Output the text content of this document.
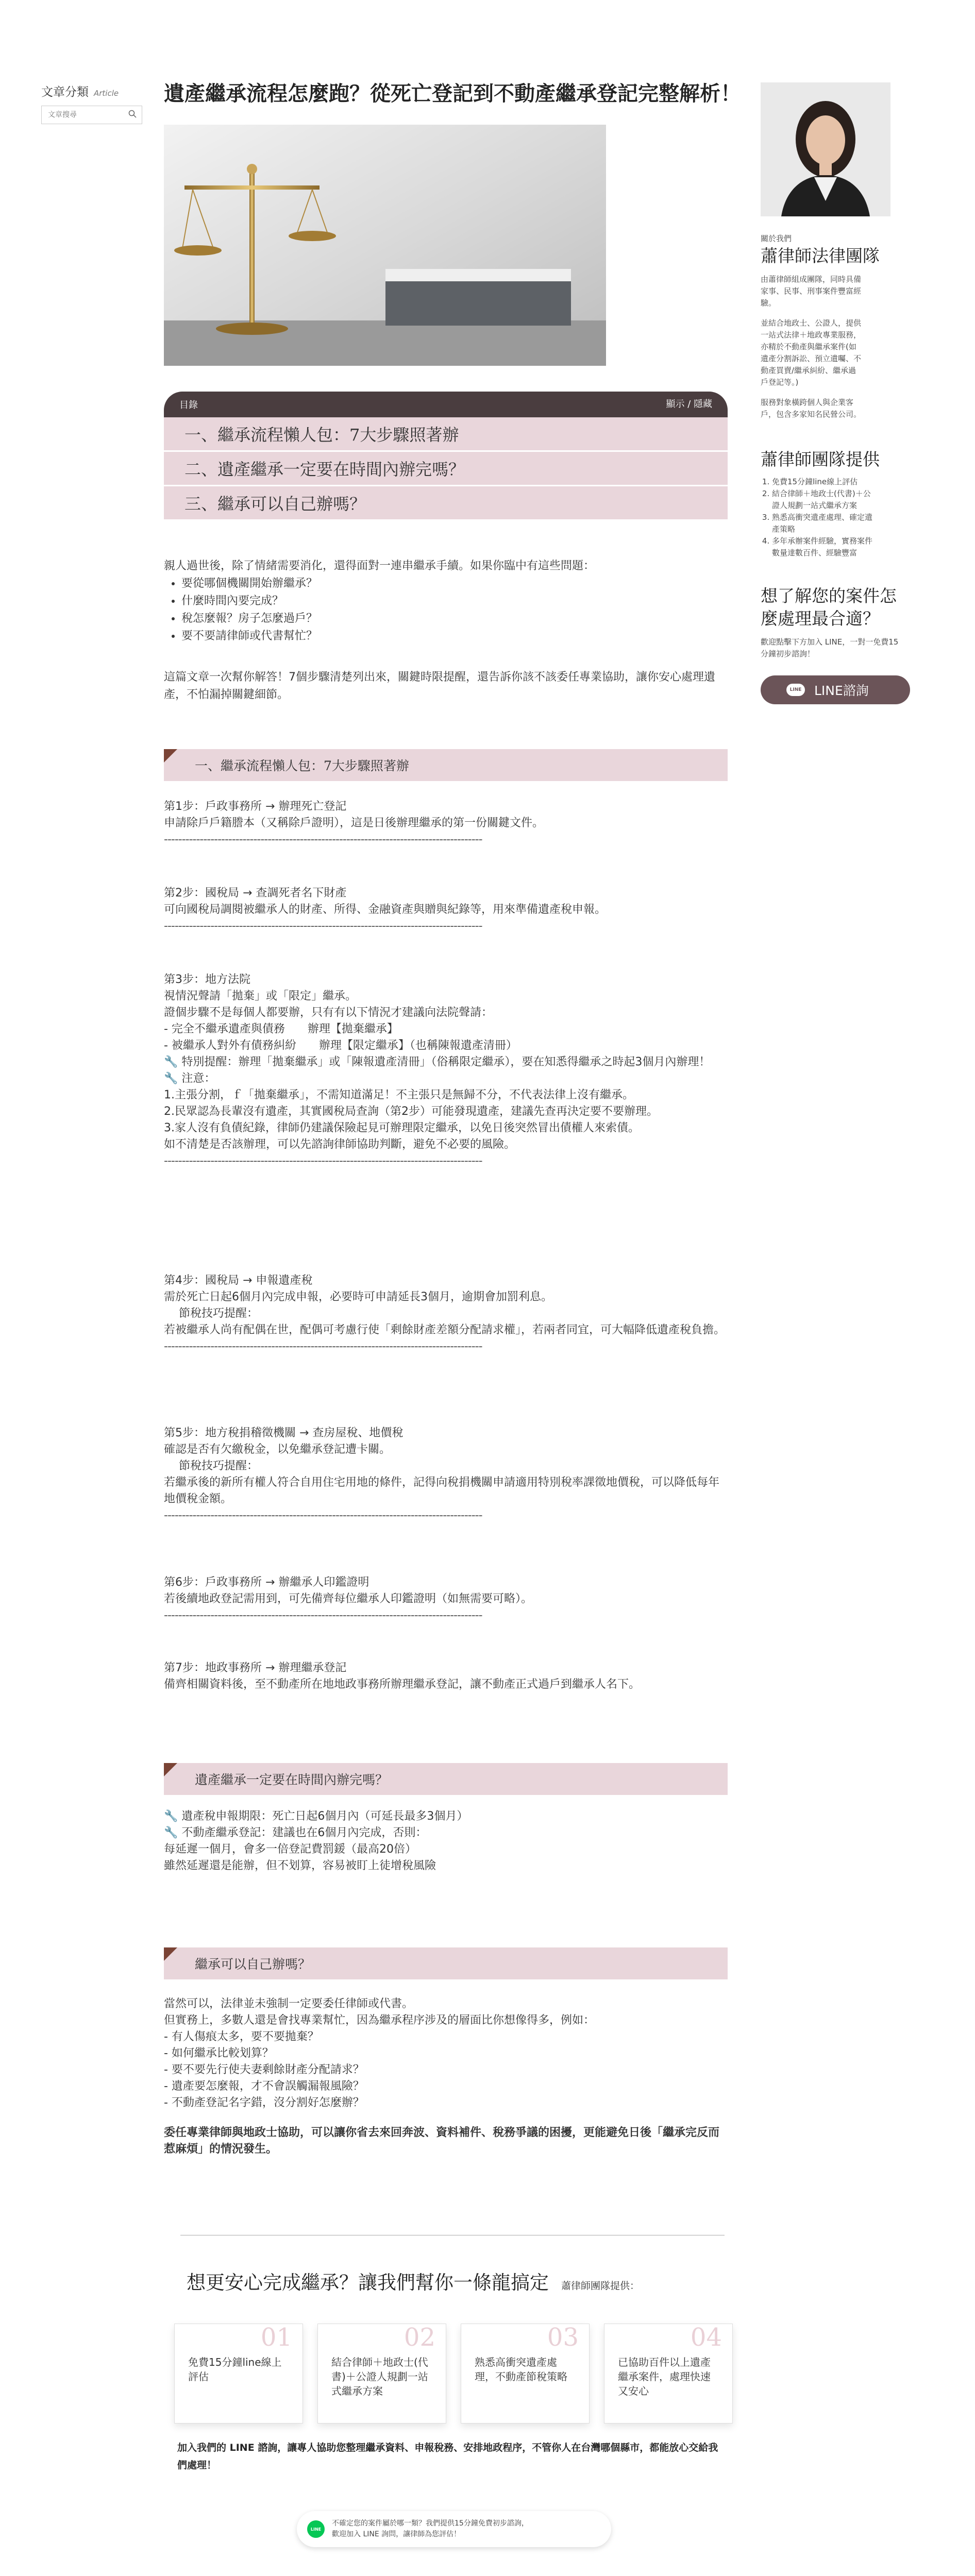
文章分類 Article
文章搜尋 遺產繼承流程怎麼跑？從死亡登記到不動產繼承登記完整解析！
目錄	顯示 / 隱藏
一、繼承流程懶人包：7大步驟照著辦
二、遺產繼承一定要在時間內辦完嗎？
三、繼承可以自己辦嗎？

親人過世後，除了情緒需要消化，還得面對一連串繼承手續。如果你臨中有這些問題：

• 要從哪個機關開始辦繼承？
• 什麼時間內要完成？
• 稅怎麼報？房子怎麼過戶？
• 要不要請律師或代書幫忙？

這篇文章一次幫你解答！7個步驟清楚列出來，關鍵時限提醒，還告訴你該不該委任專業協助，讓你安心處理遺產，不怕漏掉關鍵細節。

一、繼承流程懶人包：7大步驟照著辦

第1步：戶政事務所 → 辦理死亡登記

申請除戶戶籍謄本（又稱除戶證明），這是日後辦理繼承的第一份關鍵文件。

-----------------------------------------------------------------------------------------

第2步：國稅局 → 查調死者名下財產

可向國稅局調閱被繼承人的財產、所得、金融資產與贈與紀錄等，用來準備遺產稅申報。

-----------------------------------------------------------------------------------------

第3步：地方法院

視情況聲請「拋棄」或「限定」繼承。

證個步驟不是每個人都要辦，只有有以下情況才建議向法院聲請：

- 完全不繼承遺產與債務　　辦理【拋棄繼承】

- 被繼承人對外有債務糾紛　　辦理【限定繼承】（也稱陳報遺產清冊）

🔧 特別提醒：辦理「拋棄繼承」或「陳報遺產清冊」（俗稱限定繼承），要在知悉得繼承之時起3個月內辦理！

🔧 注意：

1.主張分割，ｆ「拋棄繼承」，不需知道滿足！不主張只是無歸不分，不代表法律上沒有繼承。

2.民眾認為長輩沒有遺產，其實國稅局查詢（第2步）可能發現遺產，建議先查再決定要不要辦理。

3.家人沒有負債紀錄，律師仍建議保險起見可辦理限定繼承，以免日後突然冒出債權人來索債。

如不清楚是否該辦理，可以先諮詢律師協助判斷，避免不必要的風險。

-----------------------------------------------------------------------------------------

第4步：國稅局 → 申報遺產稅

需於死亡日起6個月內完成申報，必要時可申請延長3個月，逾期會加罰利息。

　 節稅技巧提醒：

若被繼承人尚有配偶在世，配偶可考慮行使「剩餘財產差額分配請求權」，若兩者同宜，可大幅降低遺產稅負擔。

-----------------------------------------------------------------------------------------

第5步：地方稅捐稽徵機關 → 查房屋稅、地價稅

確認是否有欠繳稅金，以免繼承登記遭卡關。

　 節稅技巧提醒：

若繼承後的新所有權人符合自用住宅用地的條件，記得向稅捐機關申請適用特別稅率課徵地價稅，可以降低每年地價稅金額。

-----------------------------------------------------------------------------------------

第6步：戶政事務所 → 辦繼承人印鑑證明

若後續地政登記需用到，可先備齊每位繼承人印鑑證明（如無需要可略）。

-----------------------------------------------------------------------------------------

第7步：地政事務所 → 辦理繼承登記

備齊相關資料後，至不動產所在地地政事務所辦理繼承登記，讓不動產正式過戶到繼承人名下。

遺產繼承一定要在時間內辦完嗎？

🔧 遺產稅申報期限：死亡日起6個月內（可延長最多3個月）

🔧 不動產繼承登記：建議也在6個月內完成，否則：

每延遲一個月，會多一倍登記費罰鍰（最高20倍）

雖然延遲還是能辦，但不划算，容易被盯上徒增稅風險

繼承可以自己辦嗎？

當然可以，法律並未強制一定要委任律師或代書。

但實務上，多數人還是會找專業幫忙，因為繼承程序涉及的層面比你想像得多，例如：

- 有人傷痕太多，要不要拋棄？

- 如何繼承比較划算？

- 要不要先行使夫妻剩餘財產分配請求？

- 遺產要怎麼報，才不會誤觸漏報風險？

- 不動產登記名字錯，沒分割好怎麼辦？

委任專業律師與地政士協助，可以讓你省去來回奔波、資料補件、稅務爭議的困擾，更能避免日後「繼承完反而惹麻煩」的情況發生。

想更安心完成繼承？讓我們幫你一條龍搞定 蕭律師團隊提供：
01
免費15分鐘line線上評估
02
結合律師＋地政士(代書)＋公證人規劃一站式繼承方案
03
熟悉高衝突遺產處理，不動產節稅策略
04
已協助百件以上遺產繼承案件，處理快速又安心
加入我們的 LINE 諮詢，讓專人協助您整理繼承資料、申報稅務、安排地政程序，不管你人在台灣哪個縣市，都能放心交給我們處理！
LINE
不確定您的案件屬於哪一類？我們提供15分鐘免費初步諮詢，
歡迎加入 LINE 詢問，讓律師為您評估！

關於我們

蕭律師法律團隊

由蕭律師組成團隊，同時具備家事、民事、刑事案件豐富經驗。

並結合地政士、公證人，提供一站式法律＋地政專業服務，亦精於不動產與繼承案件(如遺產分割訴訟、預立遺囑、不動產買賣/繼承糾紛、繼承過戶登記等。)

服務對象橫跨個人與企業客戶，包含多家知名民營公司。

蕭律師團隊提供

1. 免費15分鐘line線上評估
2. 結合律師＋地政士(代書)＋公證人規劃一站式繼承方案
3. 熟悉高衝突遺產處理、確定遺產策略
4. 多年承辦案件經驗，實務案件數量達數百件、經驗豐富

想了解您的案件怎麼處理最合適？

歡迎點擊下方加入 LINE，一對一免費15分鐘初步諮詢！

LINE LINE諮詢
